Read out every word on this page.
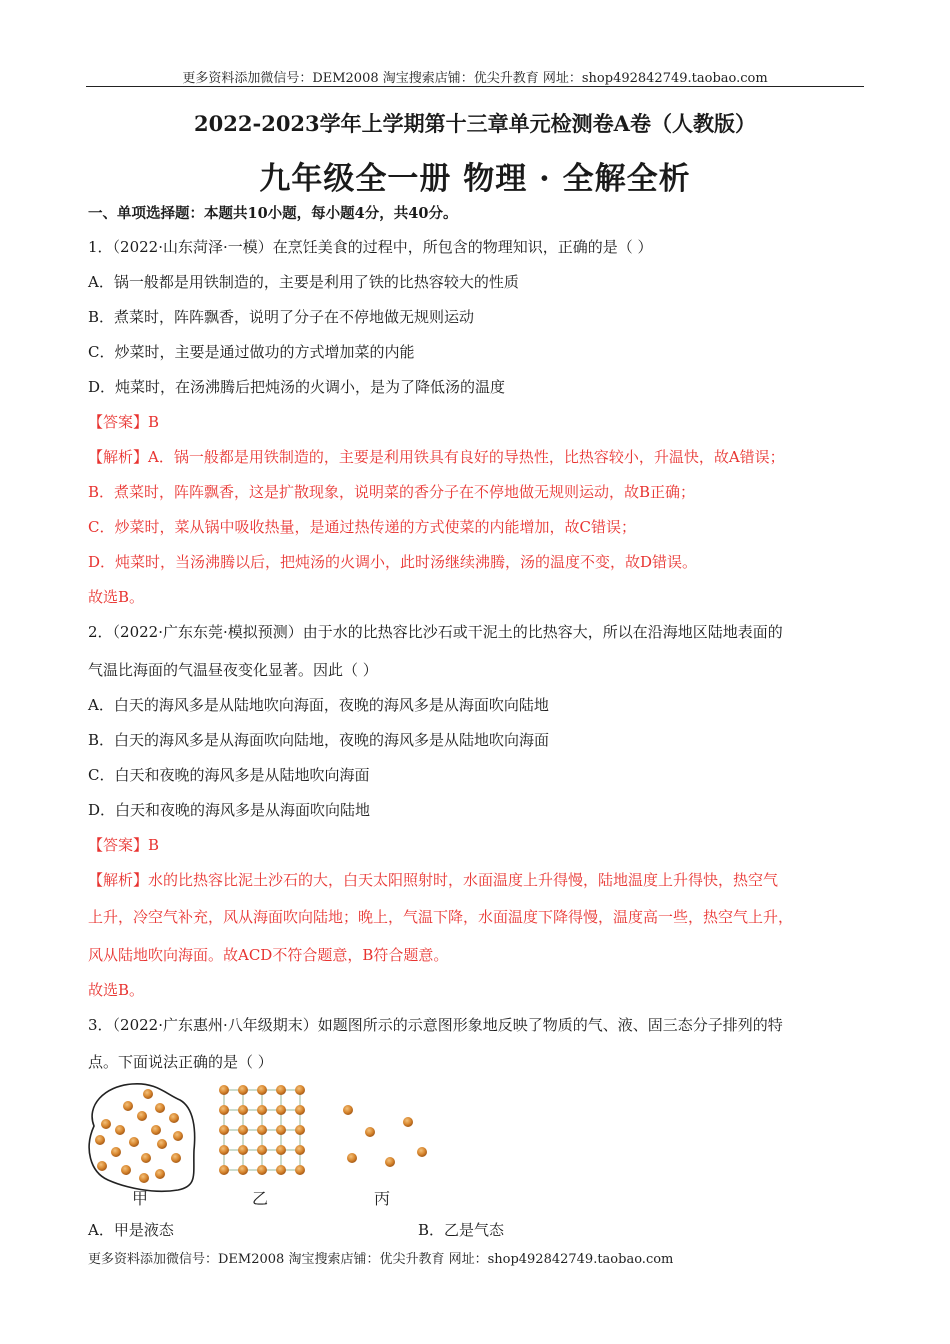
更多资料添加微信号：DEM2008 淘宝搜索店铺：优尖升教育 网址：shop492842749.taobao.com
2022-2023学年上学期第十三章单元检测卷A卷（人教版）
九年级全一册 物理 · 全解全析
一、单项选择题：本题共10小题，每小题4分，共40分。
1．（2022·山东菏泽·一模）在烹饪美食的过程中，所包含的物理知识，正确的是（ ）
A．锅一般都是用铁制造的，主要是利用了铁的比热容较大的性质
B．煮菜时，阵阵飘香，说明了分子在不停地做无规则运动
C．炒菜时，主要是通过做功的方式增加菜的内能
D．炖菜时，在汤沸腾后把炖汤的火调小，是为了降低汤的温度
【答案】B
【解析】A．锅一般都是用铁制造的，主要是利用铁具有良好的导热性，比热容较小，升温快，故A错误；
B．煮菜时，阵阵飘香，这是扩散现象，说明菜的香分子在不停地做无规则运动，故B正确；
C．炒菜时，菜从锅中吸收热量，是通过热传递的方式使菜的内能增加，故C错误；
D．炖菜时，当汤沸腾以后，把炖汤的火调小，此时汤继续沸腾，汤的温度不变，故D错误。
故选B。
2．（2022·广东东莞·模拟预测）由于水的比热容比沙石或干泥土的比热容大，所以在沿海地区陆地表面的
气温比海面的气温昼夜变化显著。因此（ ）
A．白天的海风多是从陆地吹向海面，夜晚的海风多是从海面吹向陆地
B．白天的海风多是从海面吹向陆地，夜晚的海风多是从陆地吹向海面
C．白天和夜晚的海风多是从陆地吹向海面
D．白天和夜晚的海风多是从海面吹向陆地
【答案】B
【解析】水的比热容比泥土沙石的大，白天太阳照射时，水面温度上升得慢，陆地温度上升得快，热空气
上升，冷空气补充，风从海面吹向陆地；晚上，气温下降，水面温度下降得慢，温度高一些，热空气上升，
风从陆地吹向海面。故ACD不符合题意，B符合题意。
故选B。
3．（2022·广东惠州·八年级期末）如题图所示的示意图形象地反映了物质的气、液、固三态分子排列的特
点。下面说法正确的是（ ）
甲	乙	丙
A．甲是液态	B．乙是气态
更多资料添加微信号：DEM2008 淘宝搜索店铺：优尖升教育 网址：shop492842749.taobao.com
